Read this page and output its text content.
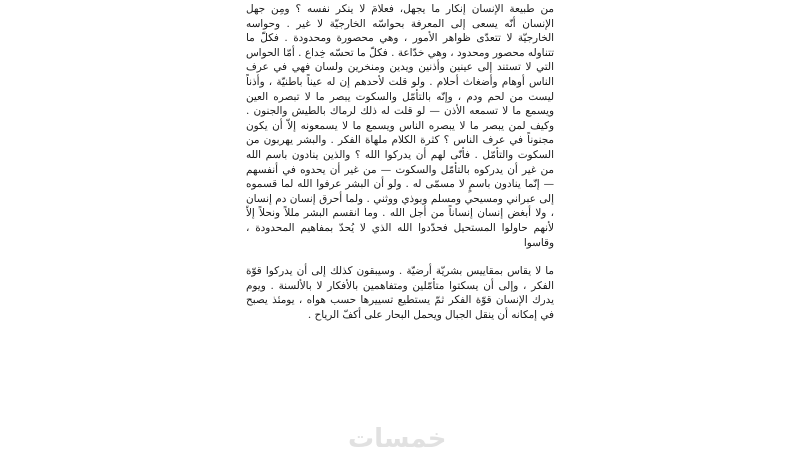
من طبيعة الإنسان إنكار ما يجهل، فعلامَ لا ينكر نفسه ؟ ومِن جهل الإنسان أنّه يسعى إلى المعرفة بحواسّه الخارجيّة لا غير . وحواسه الخارجيّة لا تتعدّى ظواهر الأمور ، وهي محصورة ومحدودة . فكلّ ما تتناوله محصور ومحدود ، وهي خدّاعة . فكلّ ما تحسّه خِداع . أمّا الحواس التي لا تستند إلى عينين وأذنين ويدين ومنخرين ولسان فهي في عرف الناس أوهام وأضغاث أحلام . ولو قلت لأحدهم إن له عيناً باطنيّة ، وأذناً ليست من لحم ودم ، وإنّه بالتأمّل والسكوت يبصر ما لا تبصره العين ويسمع ما لا تسمعه الأذن — لو قلت له ذلك لرماك بالطيش والجنون . وكيف لمن يبصر ما لا يبصره الناس ويسمع ما لا يسمعونه إلاّ أن يكون مجنوناً في عرف الناس ؟ كثرة الكلام ملهاة الفكر . والبشر يهربون من السكوت والتأمّل . فأنّى لهم أن يدركوا الله ؟ والذين ينادون باسم الله من غير أن يدركوه بالتأمّل والسكوت — من غير أن يحدوه في أنفسهم — إنّما ينادون باسمٍ لا مسمّى له . ولو أن البشر عرفوا الله لما قسموه إلى عبراني ومسيحي ومسلم وبوذي ووثني . ولما أحرق إنسان دم إنسان ، ولا أبغض إنسان إنساناً من أجل الله . وما انقسم البشر مللاً ونحلاً إلاّ لأنهم حاولوا المستحيل فحدّدوا الله الذي لا يُحدّ بمفاهيم المحدودة ، وقاسوا

ما لا يقاس بمقاييس بشريّة أرضيّة . وسيبقون كذلك إلى أن يدركوا قوّة الفكر ، وإلى أن يسكتوا متأمّلين ومتفاهمين بالأفكار لا بالألسنة . ويوم يدرك الإنسان قوّة الفكر ثمّ يستطيع تسييرها حسب هواه ، يومئذ يصبح في إمكانه أن ينقل الجبال ويحمل البحار على أكفّ الرياح .

خمسات
